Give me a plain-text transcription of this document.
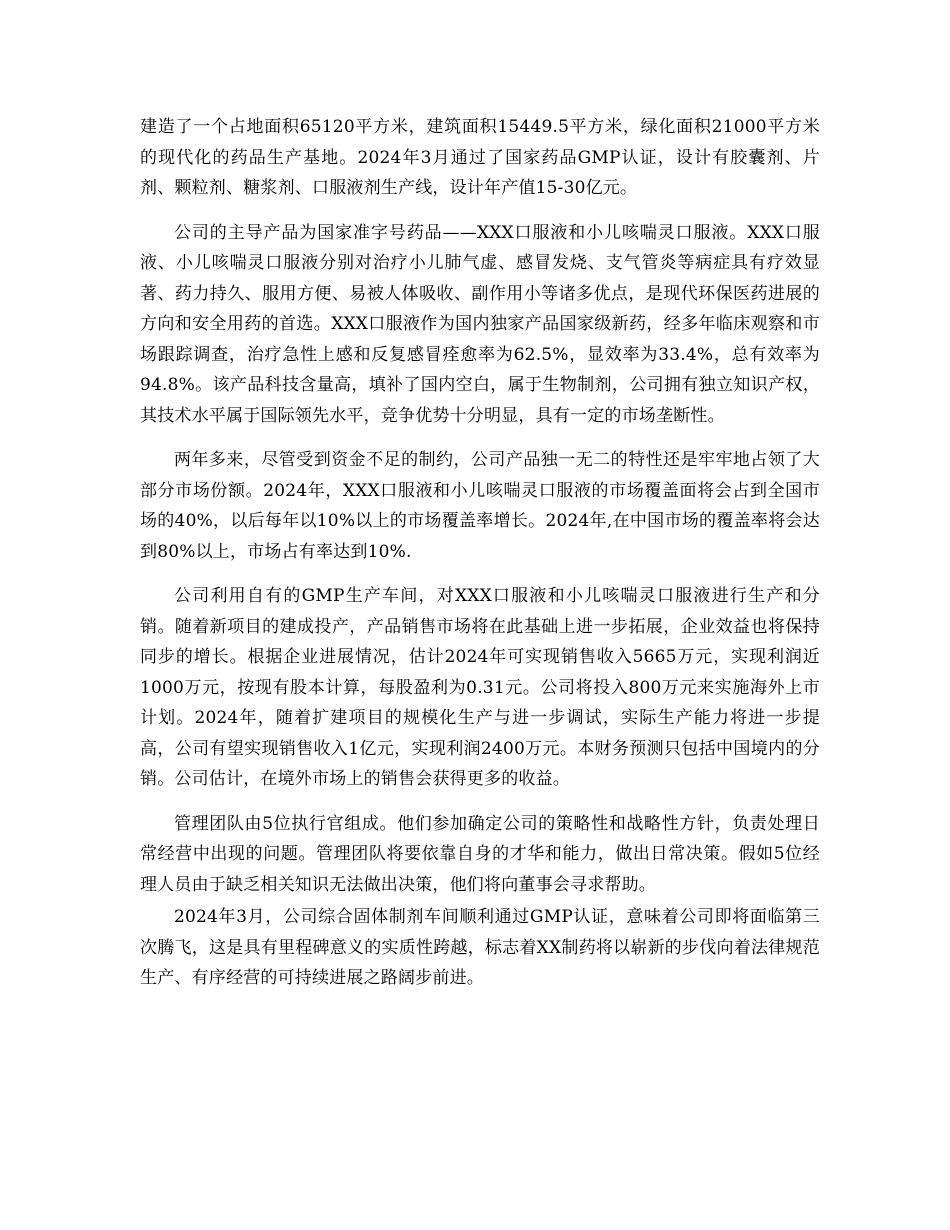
建造了一个占地面积65120平方米，建筑面积15449.5平方米，绿化面积21000平方米的现代化的药品生产基地。2024年3月通过了国家药品GMP认证，设计有胶囊剂、片剂、颗粒剂、糖浆剂、口服液剂生产线，设计年产值15-30亿元。

公司的主导产品为国家准字号药品——XXX口服液和小儿咳喘灵口服液。XXX口服液、小儿咳喘灵口服液分别对治疗小儿肺气虚、感冒发烧、支气管炎等病症具有疗效显著、药力持久、服用方便、易被人体吸收、副作用小等诸多优点，是现代环保医药进展的方向和安全用药的首选。XXX口服液作为国内独家产品国家级新药，经多年临床观察和市场跟踪调查，治疗急性上感和反复感冒痊愈率为62.5%，显效率为33.4%，总有效率为94.8%。该产品科技含量高，填补了国内空白，属于生物制剂，公司拥有独立知识产权，其技术水平属于国际领先水平，竞争优势十分明显，具有一定的市场垄断性。

两年多来，尽管受到资金不足的制约，公司产品独一无二的特性还是牢牢地占领了大部分市场份额。2024年，XXX口服液和小儿咳喘灵口服液的市场覆盖面将会占到全国市场的40%，以后每年以10%以上的市场覆盖率增长。2024年,在中国市场的覆盖率将会达到80%以上，市场占有率达到10%.

公司利用自有的GMP生产车间，对XXX口服液和小儿咳喘灵口服液进行生产和分销。随着新项目的建成投产，产品销售市场将在此基础上进一步拓展，企业效益也将保持同步的增长。根据企业进展情况，估计2024年可实现销售收入5665万元，实现利润近1000万元，按现有股本计算，每股盈利为0.31元。公司将投入800万元来实施海外上市计划。2024年，随着扩建项目的规模化生产与进一步调试，实际生产能力将进一步提高，公司有望实现销售收入1亿元，实现利润2400万元。本财务预测只包括中国境内的分销。公司估计，在境外市场上的销售会获得更多的收益。

管理团队由5位执行官组成。他们参加确定公司的策略性和战略性方针，负责处理日常经营中出现的问题。管理团队将要依靠自身的才华和能力，做出日常决策。假如5位经理人员由于缺乏相关知识无法做出决策，他们将向董事会寻求帮助。

2024年3月，公司综合固体制剂车间顺利通过GMP认证，意味着公司即将面临第三次腾飞，这是具有里程碑意义的实质性跨越，标志着XX制药将以崭新的步伐向着法律规范生产、有序经营的可持续进展之路阔步前进。
